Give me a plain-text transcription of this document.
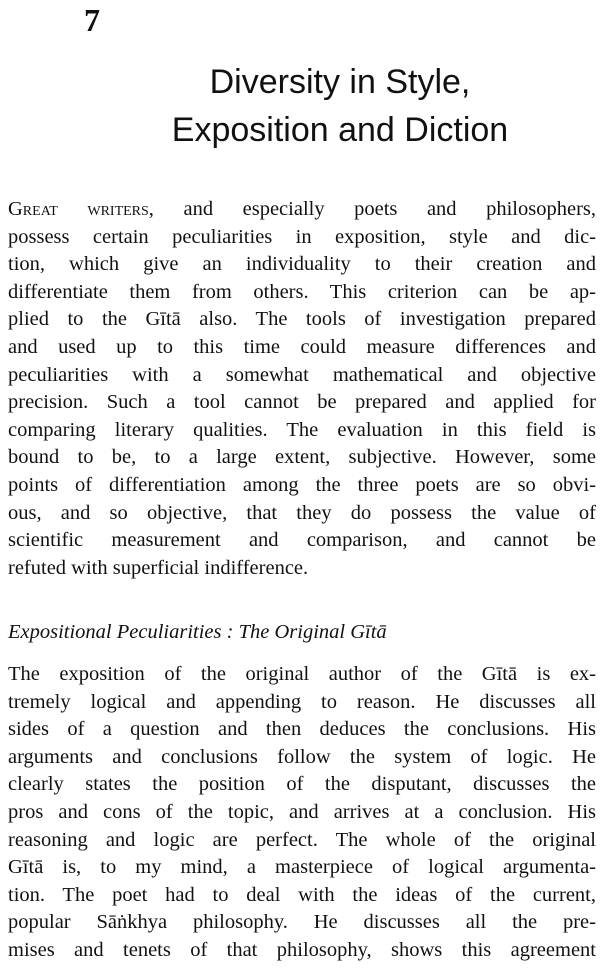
7
Diversity in Style,
Exposition and Diction
Great writers, and especially poets and philosophers,
possess certain peculiarities in exposition, style and dic-
tion, which give an individuality to their creation and
differentiate them from others. This criterion can be ap-
plied to the Gītā also. The tools of investigation prepared
and used up to this time could measure differences and
peculiarities with a somewhat mathematical and objective
precision. Such a tool cannot be prepared and applied for
comparing literary qualities. The evaluation in this field is
bound to be, to a large extent, subjective. However, some
points of differentiation among the three poets are so obvi-
ous, and so objective, that they do possess the value of
scientific measurement and comparison, and cannot be
refuted with superficial indifference.
Expositional Peculiarities : The Original Gītā
The exposition of the original author of the Gītā is ex-
tremely logical and appending to reason. He discusses all
sides of a question and then deduces the conclusions. His
arguments and conclusions follow the system of logic. He
clearly states the position of the disputant, discusses the
pros and cons of the topic, and arrives at a conclusion. His
reasoning and logic are perfect. The whole of the original
Gītā is, to my mind, a masterpiece of logical argumenta-
tion. The poet had to deal with the ideas of the current,
popular Sāṅkhya philosophy. He discusses all the pre-
mises and tenets of that philosophy, shows this agreement
